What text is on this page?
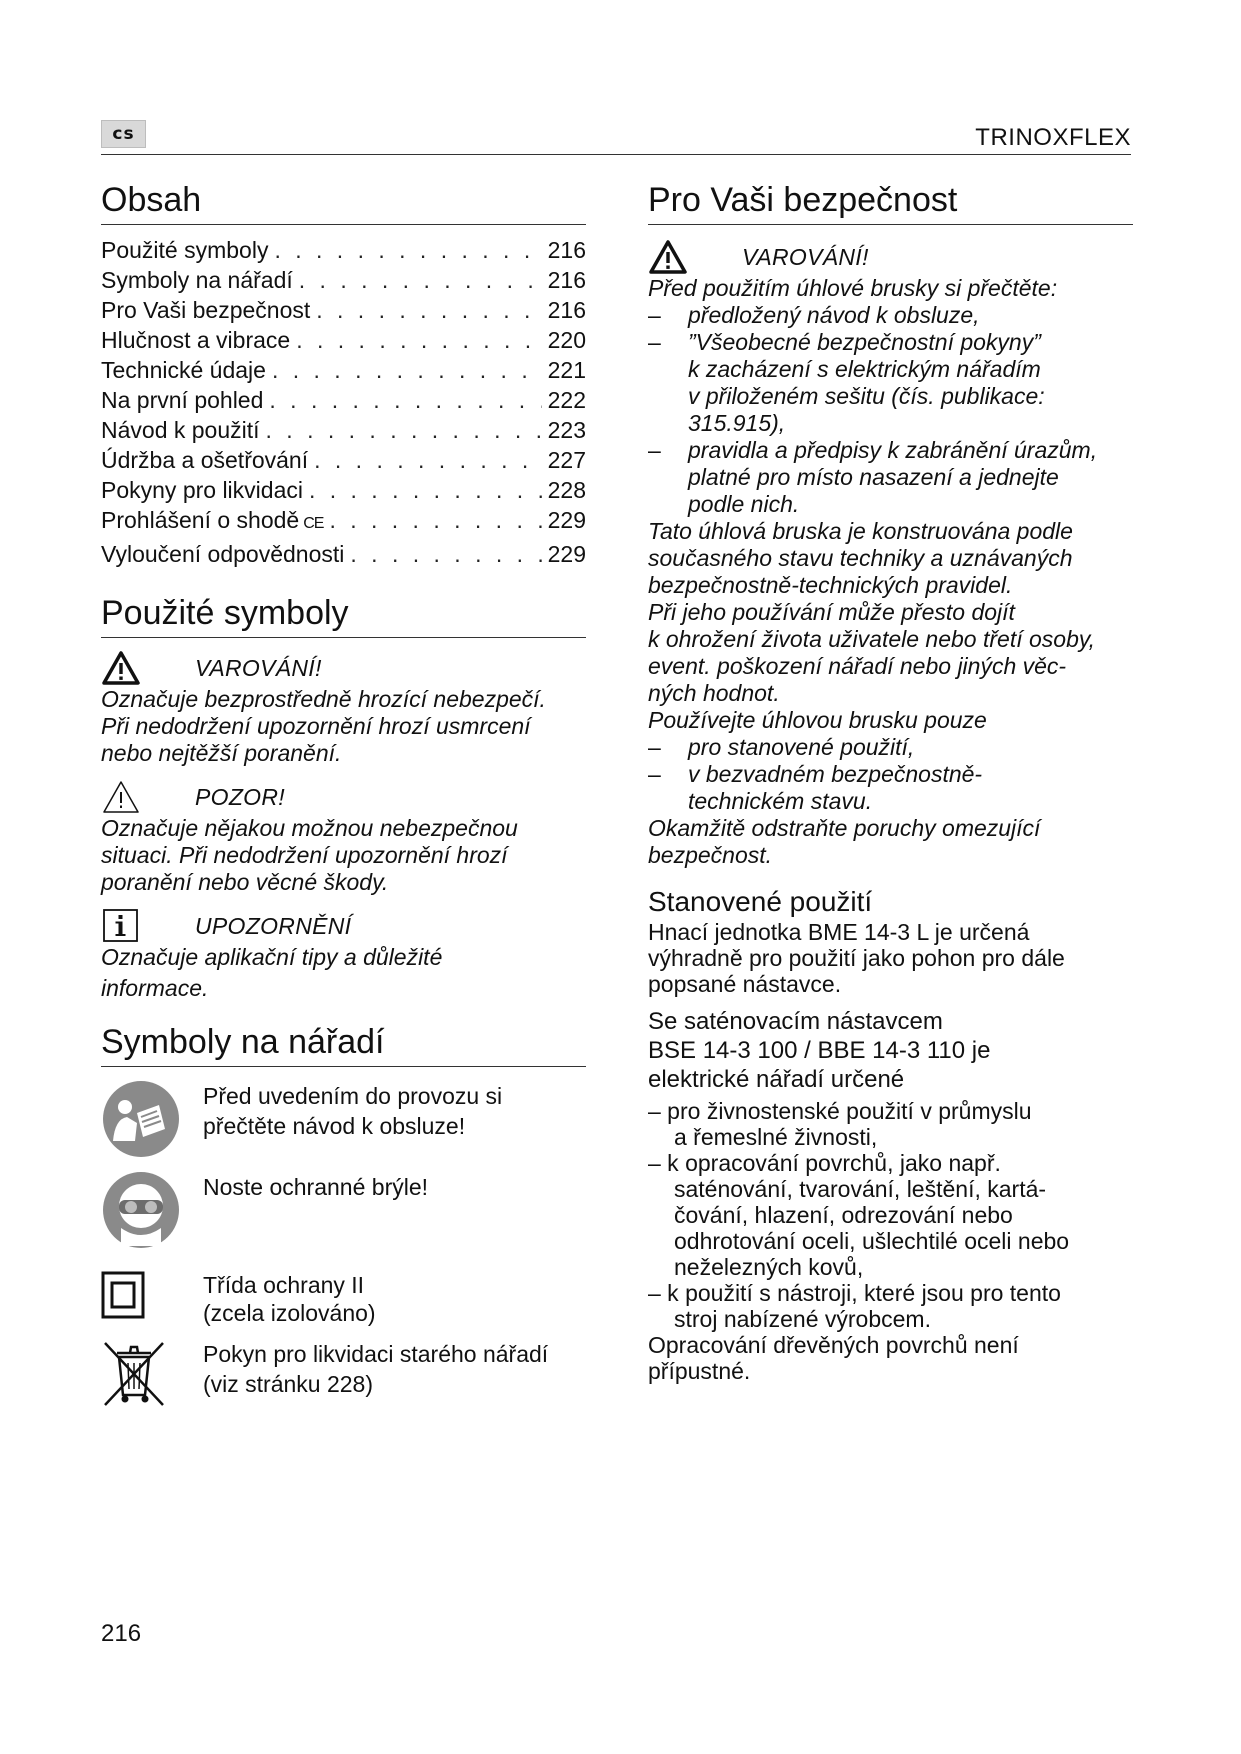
cs	TRINOXFLEX
Obsah
Použité symboly . . .	216
Symboly na nářadí . . .	216
Pro Vaši bezpečnost . . .	216
Hlučnost a vibrace . . .	220
Technické údaje . . .	221
Na první pohled . . .	222
Návod k použití . . .	223
Údržba a ošetřování . . .	227
Pokyny pro likvidaci . . .	228
Prohlášení o shodě CE . . .	229
Vyloučení odpovědnosti . . .	229
Použité symboly
VAROVÁNÍ!

Označuje bezprostředně hrozící nebezpečí.

Při nedodržení upozornění hrozí usmrcení

nebo nejtěžší poranění.

POZOR!

Označuje nějakou možnou nebezpečnou

situaci. Při nedodržení upozornění hrozí

poranění nebo věcné škody.

UPOZORNĚNÍ

Označuje aplikační tipy a důležité

informace.

Symboly na nářadí
Před uvedením do provozu si
přečtěte návod k obsluze!
Noste ochranné brýle!
Třída ochrany II
(zcela izolováno)
Pokyn pro likvidaci starého nářadí
(viz stránku 228)
Pro Vaši bezpečnost
VAROVÁNÍ!

Před použitím úhlové brusky si přečtěte:

–	předložený návod k obsluze,
–	”Všeobecné bezpečnostní pokyny”
k zacházení s elektrickým nářadím
v přiloženém sešitu (čís. publikace:
315.915),
–	pravidla a předpisy k zabránění úrazům,
platné pro místo nasazení a jednejte
podle nich.

Tato úhlová bruska je konstruována podle

současného stavu techniky a uznávaných

bezpečnostně-technických pravidel.

Při jeho používání může přesto dojít

k ohrožení života uživatele nebo třetí osoby,

event. poškození nářadí nebo jiných věc-

ných hodnot.

Používejte úhlovou brusku pouze

–	pro stanovené použití,
–	v bezvadném bezpečnostně-
technickém stavu.

Okamžitě odstraňte poruchy omezující

bezpečnost.

Stanovené použití

Hnací jednotka BME 14-3 L je určená

výhradně pro použití jako pohon pro dále

popsané nástavce.

Se saténovacím nástavcem
BSE 14-3 100 / BBE 14-3 110 je
elektrické nářadí určené
– pro živnostenské použití v průmyslu
a řemeslné živnosti,
– k opracování povrchů, jako např.
saténování, tvarování, leštění, kartá-
čování, hlazení, odrezování nebo
odhrotování oceli, ušlechtilé oceli nebo
neželezných kovů,
– k použití s nástroji, které jsou pro tento
stroj nabízené výrobcem.

Opracování dřevěných povrchů není

přípustné.

216
